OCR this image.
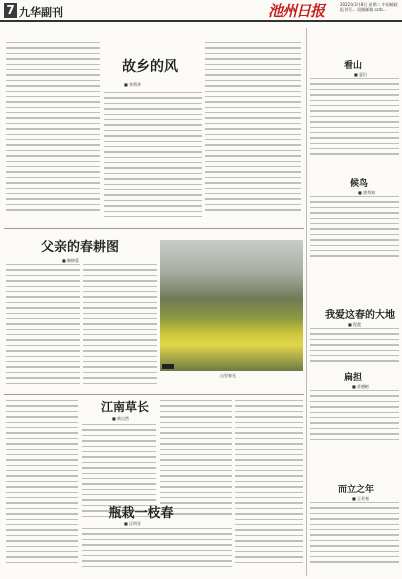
7 九华副刊	池州日报	2022年3月8日 星期二 中国邮政报刊号... 投稿邮箱 czrb...
故乡的风
■ 李利华
看山
■ 夏衍
候鸟
■ 唐秀知
我爱这春的大地
■ 程震
扁担
■ 苏德彬
而立之年
■ 王若尧
父亲的春耕图
■ 陶锦蓉
山里春光
江南草长
■ 黄自然
瓶栽一枝春
■ 汪明亚
